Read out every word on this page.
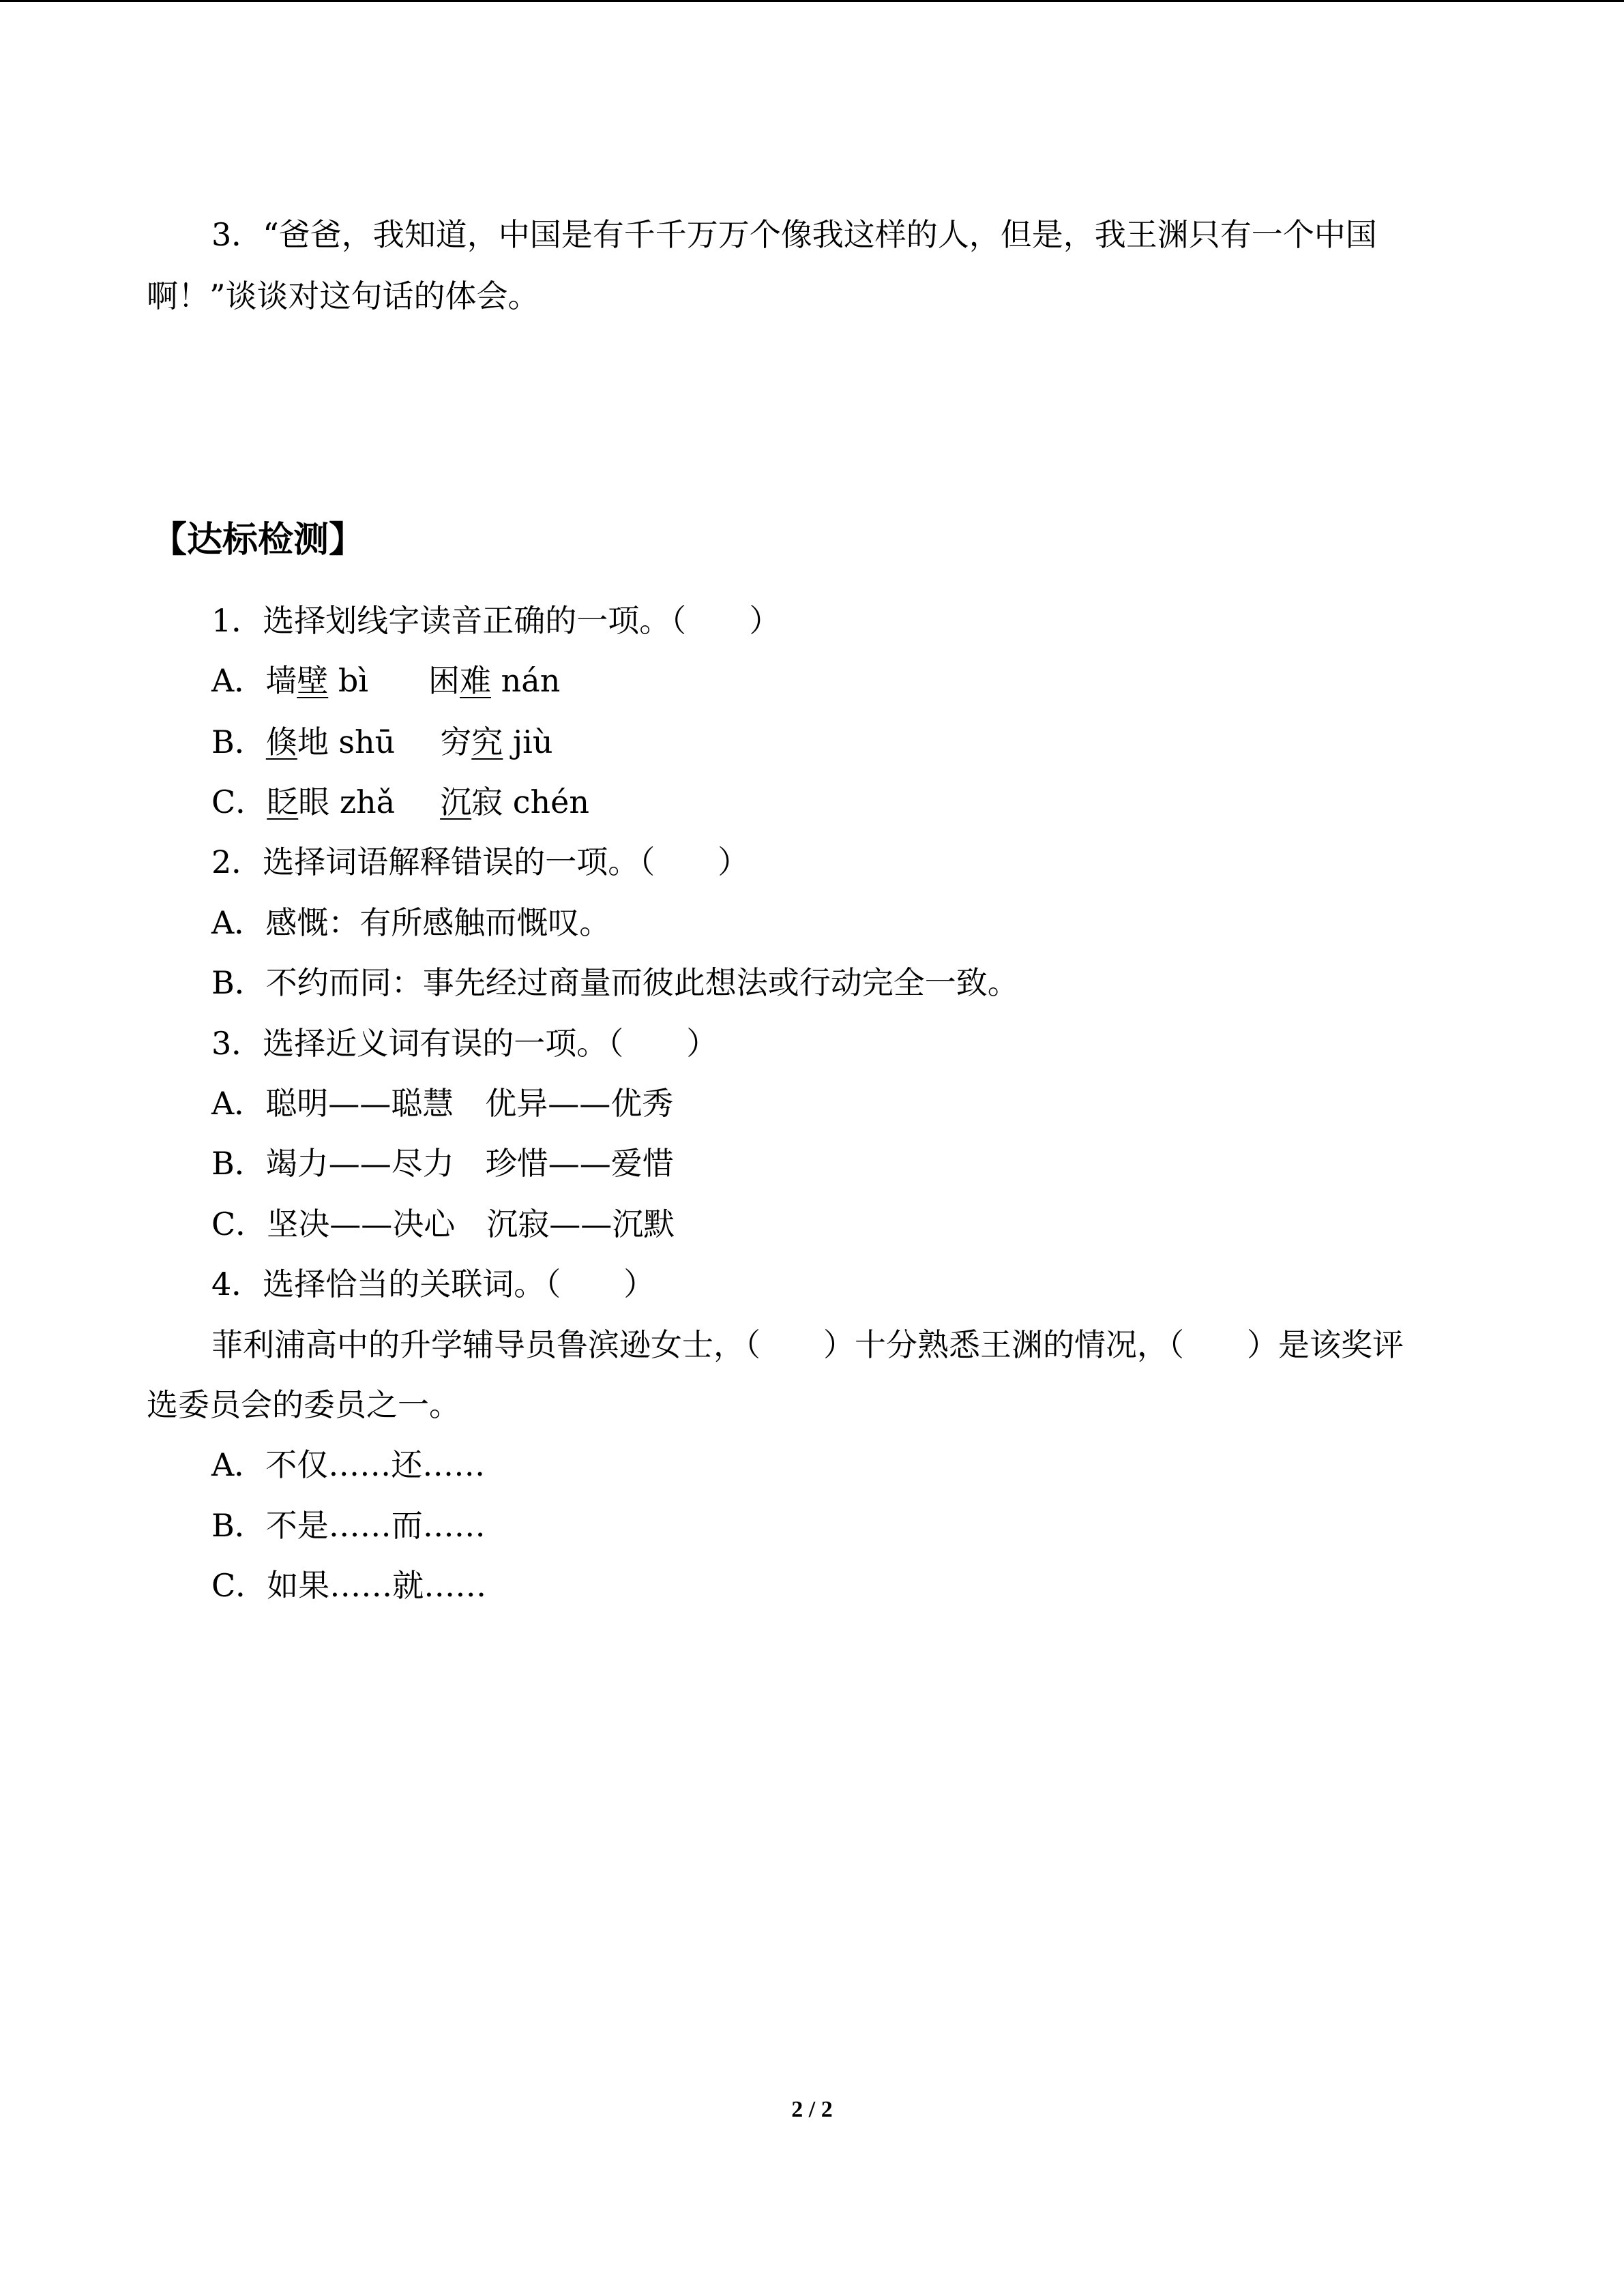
3．“爸爸，我知道，中国是有千千万万个像我这样的人，但是，我王渊只有一个中国
啊！”谈谈对这句话的体会。
【达标检测】
1．选择划线字读音正确的一项。（　　）
A．墙壁 bì 困难 nán
B．倏地 shū 穷究 jiù
C．眨眼 zhǎ 沉寂 chén
2．选择词语解释错误的一项。（　　）
A．感慨：有所感触而慨叹。
B．不约而同：事先经过商量而彼此想法或行动完全一致。
3．选择近义词有误的一项。（　　）
A．聪明——聪慧　优异——优秀
B．竭力——尽力　珍惜——爱惜
C．坚决——决心　沉寂——沉默
4．选择恰当的关联词。（　　）
菲利浦高中的升学辅导员鲁滨逊女士，（　　）十分熟悉王渊的情况，（　　）是该奖评
选委员会的委员之一。
A．不仅……还……
B．不是……而……
C．如果……就……
2 / 2
